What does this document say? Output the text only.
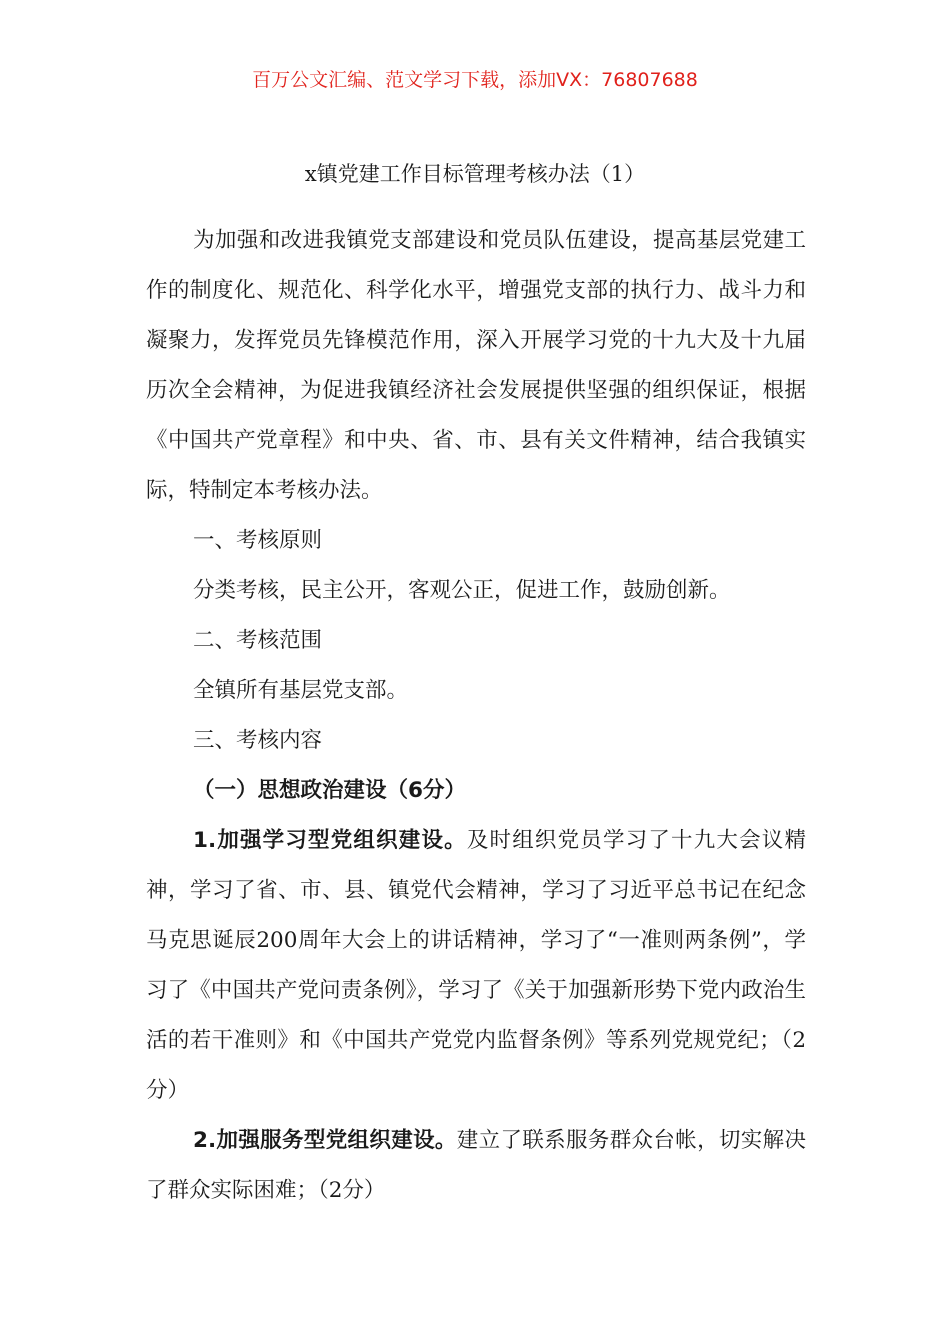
百万公文汇编、范文学习下载，添加VX：76807688
x镇党建工作目标管理考核办法（1）

为加强和改进我镇党支部建设和党员队伍建设，提高基层党建工作的制度化、规范化、科学化水平，增强党支部的执行力、战斗力和凝聚力，发挥党员先锋模范作用，深入开展学习党的十九大及十九届历次全会精神，为促进我镇经济社会发展提供坚强的组织保证，根据《中国共产党章程》和中央、省、市、县有关文件精神，结合我镇实际，特制定本考核办法。

一、考核原则

分类考核，民主公开，客观公正，促进工作，鼓励创新。

二、考核范围

全镇所有基层党支部。

三、考核内容

（一）思想政治建设（6分）

1.加强学习型党组织建设。及时组织党员学习了十九大会议精神，学习了省、市、县、镇党代会精神，学习了习近平总书记在纪念马克思诞辰200周年大会上的讲话精神，学习了“一准则两条例”，学习了《中国共产党问责条例》，学习了《关于加强新形势下党内政治生活的若干准则》和《中国共产党党内监督条例》等系列党规党纪；（2分）

2.加强服务型党组织建设。建立了联系服务群众台帐，切实解决了群众实际困难；（2分）
